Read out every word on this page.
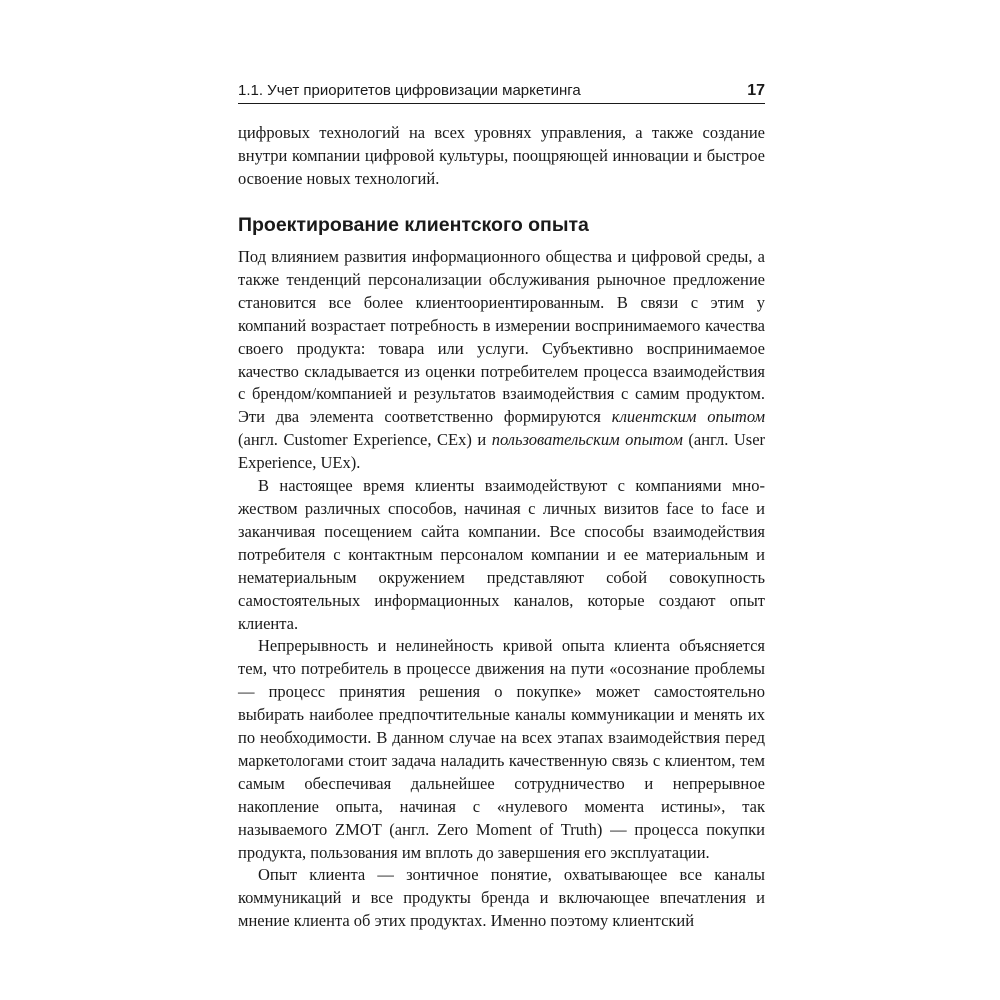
1.1. Учет приоритетов цифровизации маркетинга	17

цифровых технологий на всех уровнях управления, а также создание внутри компании цифровой культуры, поощряющей инновации и быстрое освоение новых технологий.

Проектирование клиентского опыта

Под влиянием развития информационного общества и цифровой среды, а также тенденций персонализации обслуживания рыночное предложение становится все более клиентоориентированным. В связи с этим у компаний возрастает потребность в измерении воспринимаемого качества своего продукта: товара или услуги. Субъективно воспринимаемое качество складывается из оценки потребителем процесса взаимодействия с брендом/компанией и результатов взаимодействия с самим продуктом. Эти два элемента соответственно формируются клиентским опытом (англ. Customer Experience, CEx) и пользовательским опытом (англ. User Experience, UEx).

В настоящее время клиенты взаимодействуют с компаниями множеством различных способов, начиная с личных визитов face to face и заканчивая посещением сайта компании. Все способы взаимодействия потребителя с контактным персоналом компании и ее материальным и нематериальным окружением представляют собой совокупность самостоятельных информационных каналов, которые создают опыт клиента.

Непрерывность и нелинейность кривой опыта клиента объясняется тем, что потребитель в процессе движения на пути «осознание проблемы — процесс принятия решения о покупке» может самостоятельно выбирать наиболее предпочтительные каналы коммуникации и менять их по необходимости. В данном случае на всех этапах взаимодействия перед маркетологами стоит задача наладить качественную связь с клиентом, тем самым обеспечивая дальнейшее сотрудничество и непрерывное накопление опыта, начиная с «нулевого момента истины», так называемого ZMOT (англ. Zero Moment of Truth) — процесса покупки продукта, пользования им вплоть до завершения его эксплуатации.

Опыт клиента — зонтичное понятие, охватывающее все каналы коммуникаций и все продукты бренда и включающее впечатления и мнение клиента об этих продуктах. Именно поэтому клиентский
